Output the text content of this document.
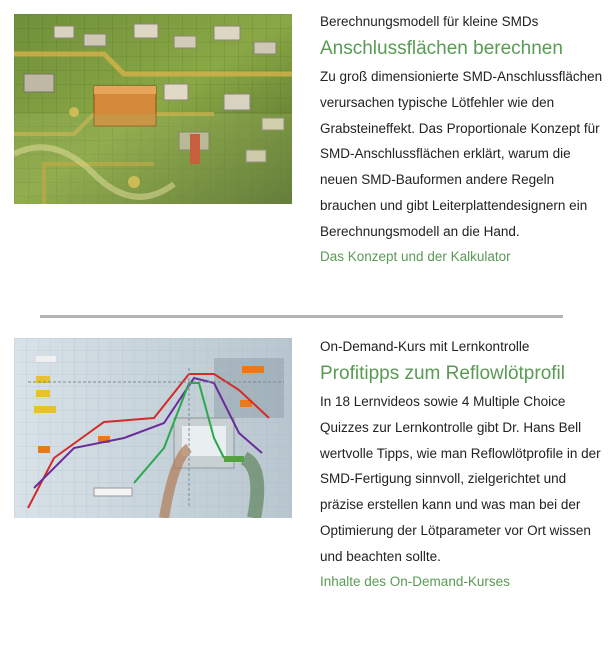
Berechnungsmodell für kleine SMDs

Anschlussflächen berechnen

Zu groß dimensionierte SMD-Anschlussflächen verursachen typische Lötfehler wie den Grabsteineffekt. Das Proportionale Konzept für SMD-Anschlussflächen erklärt, warum die neuen SMD-Bauformen andere Regeln brauchen und gibt Leiterplattendesignern ein Berechnungsmodell an die Hand.

Das Konzept und der Kalkulator

On-Demand-Kurs mit Lernkontrolle

Profitipps zum Reflowlötprofil

In 18 Lernvideos sowie 4 Multiple Choice Quizzes zur Lernkontrolle gibt Dr. Hans Bell wertvolle Tipps, wie man Reflowlötprofile in der SMD-Fertigung sinnvoll, zielgerichtet und präzise erstellen kann und was man bei der Optimierung der Lötparameter vor Ort wissen und beachten sollte.

Inhalte des On-Demand-Kurses
